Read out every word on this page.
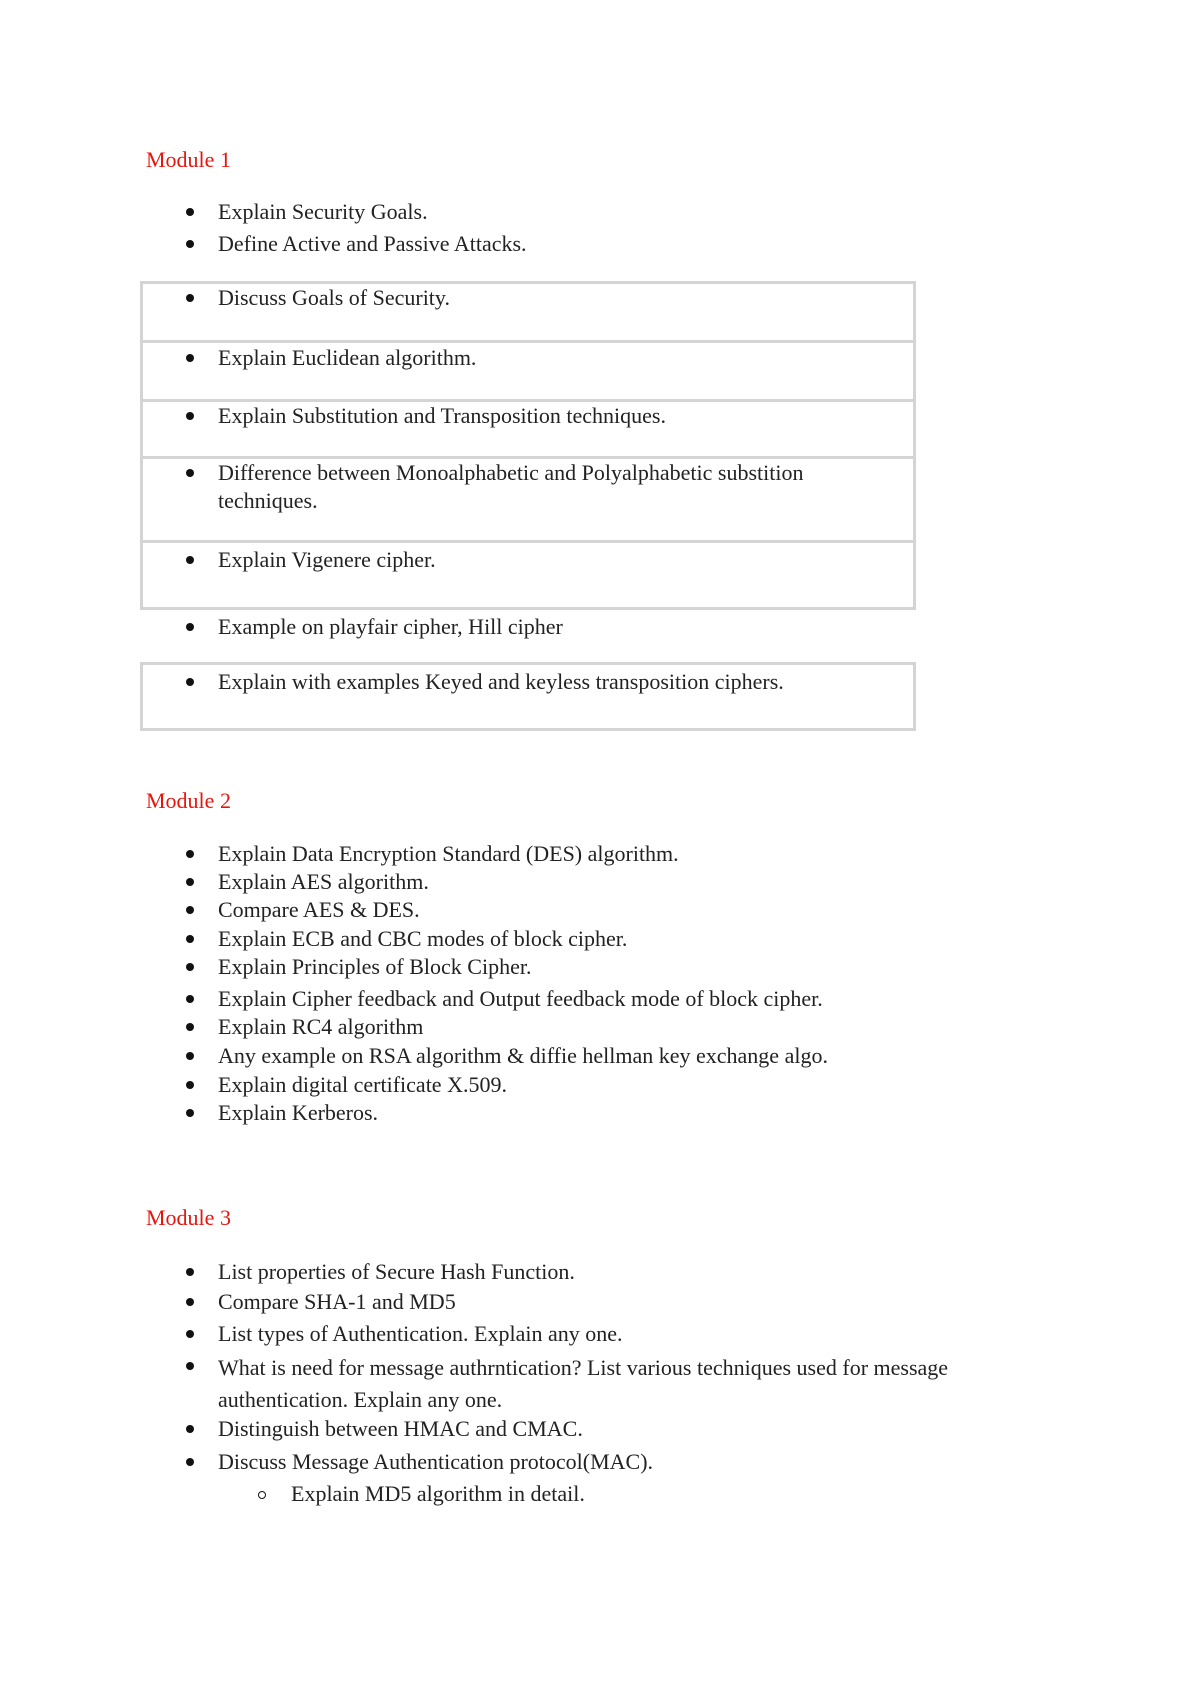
Module 1
Explain Security Goals.
Define Active and Passive Attacks.
Discuss Goals of Security.
Explain Euclidean algorithm.
Explain Substitution and Transposition techniques.
Difference between Monoalphabetic and Polyalphabetic substition techniques.
Explain Vigenere cipher.
Example on playfair cipher, Hill cipher
Explain with examples Keyed and keyless transposition ciphers.
Module 2
Explain Data Encryption Standard (DES) algorithm.
Explain AES algorithm.
Compare AES & DES.
Explain ECB and CBC modes of block cipher.
Explain Principles of Block Cipher.
Explain Cipher feedback and Output feedback mode of block cipher.
Explain RC4 algorithm
Any example on RSA algorithm & diffie hellman key exchange algo.
Explain digital certificate X.509.
Explain Kerberos.
Module 3
List properties of Secure Hash Function.
Compare SHA-1 and MD5
List types of Authentication. Explain any one.
What is need for message authrntication? List various techniques used for message authentication. Explain any one.
Distinguish between HMAC and CMAC.
Discuss Message Authentication protocol(MAC).
Explain MD5 algorithm in detail.
